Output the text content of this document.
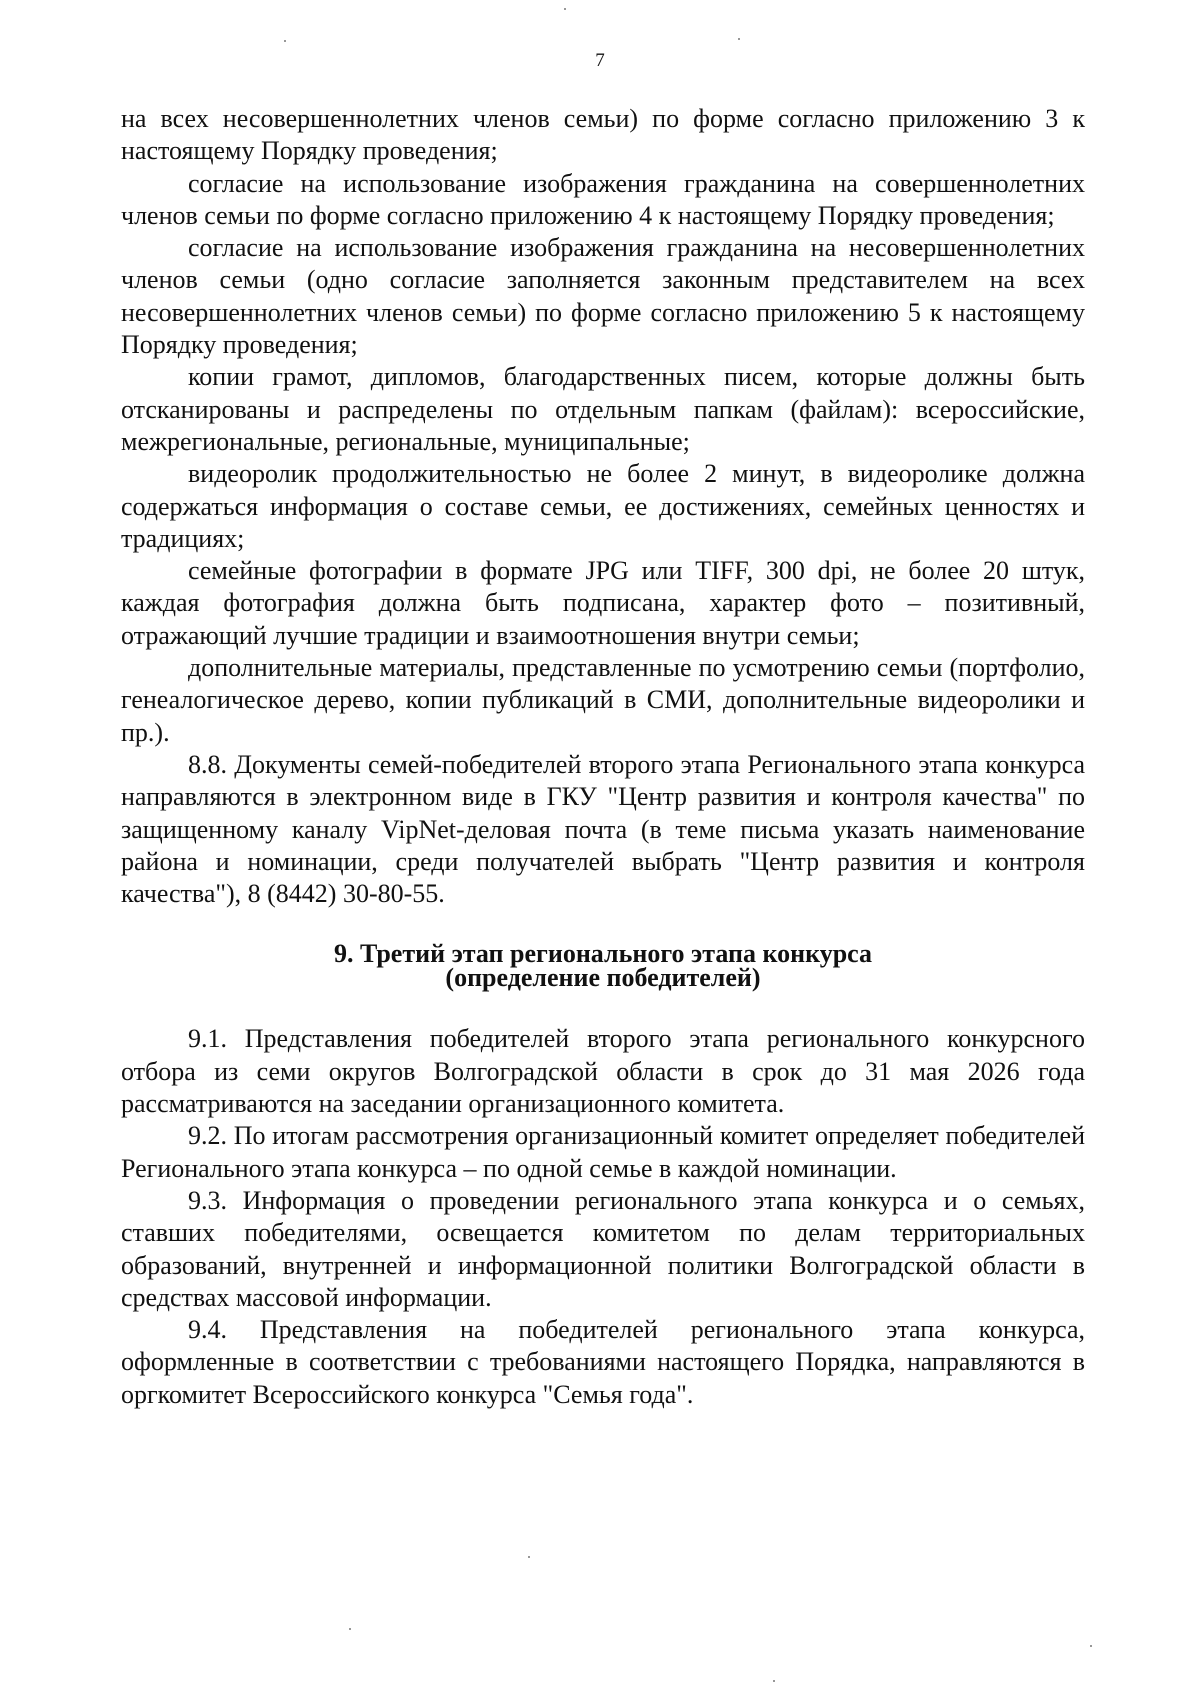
7

на всех несовершеннолетних членов семьи) по форме согласно приложению 3 к настоящему Порядку проведения;

согласие на использование изображения гражданина на совершеннолетних членов семьи по форме согласно приложению 4 к настоящему Порядку проведения;

согласие на использование изображения гражданина на несовершеннолетних членов семьи (одно согласие заполняется законным представителем на всех несовершеннолетних членов семьи) по форме согласно приложению 5 к настоящему Порядку проведения;

копии грамот, дипломов, благодарственных писем, которые должны быть отсканированы и распределены по отдельным папкам (файлам): всероссийские, межрегиональные, региональные, муниципальные;

видеоролик продолжительностью не более 2 минут, в видеоролике должна содержаться информация о составе семьи, ее достижениях, семейных ценностях и традициях;

семейные фотографии в формате JPG или TIFF, 300 dpi, не более 20 штук, каждая фотография должна быть подписана, характер фото – позитивный, отражающий лучшие традиции и взаимоотношения внутри семьи;

дополнительные материалы, представленные по усмотрению семьи (портфолио, генеалогическое дерево, копии публикаций в СМИ, дополнительные видеоролики и пр.).

8.8. Документы семей-победителей второго этапа Регионального этапа конкурса направляются в электронном виде в ГКУ "Центр развития и контроля качества" по защищенному каналу VipNet-деловая почта (в теме письма указать наименование района и номинации, среди получателей выбрать "Центр развития и контроля качества"), 8 (8442) 30-80-55.

9. Третий этап регионального этапа конкурса
(определение победителей)

9.1. Представления победителей второго этапа регионального конкурсного отбора из семи округов Волгоградской области в срок до 31 мая 2026 года рассматриваются на заседании организационного комитета.

9.2. По итогам рассмотрения организационный комитет определяет победителей Регионального этапа конкурса – по одной семье в каждой номинации.

9.3. Информация о проведении регионального этапа конкурса и о семьях, ставших победителями, освещается комитетом по делам территориальных образований, внутренней и информационной политики Волгоградской области в средствах массовой информации.

9.4. Представления на победителей регионального этапа конкурса, оформленные в соответствии с требованиями настоящего Порядка, направляются в оргкомитет Всероссийского конкурса "Семья года".
